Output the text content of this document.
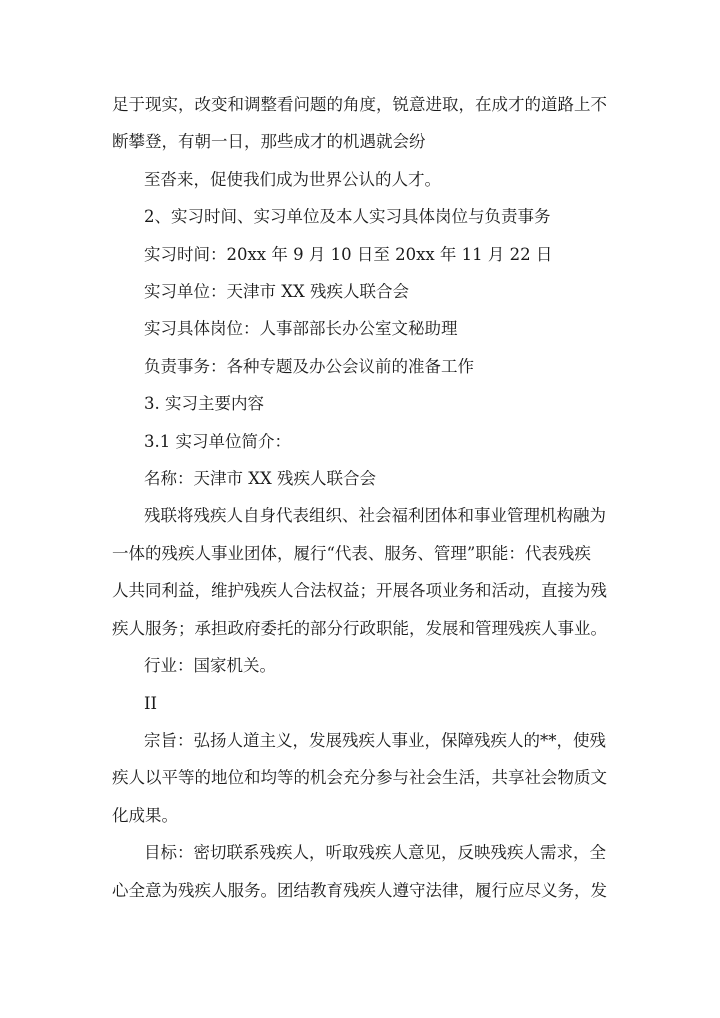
足于现实，改变和调整看问题的角度，锐意进取，在成才的道路上不
断攀登，有朝一日，那些成才的机遇就会纷

至沓来，促使我们成为世界公认的人才。

2、实习时间、实习单位及本人实习具体岗位与负责事务

实习时间：20xx 年 9 月 10 日至 20xx 年 11 月 22 日

实习单位：天津市 XX 残疾人联合会

实习具体岗位：人事部部长办公室文秘助理

负责事务：各种专题及办公会议前的准备工作

3. 实习主要内容

3.1 实习单位简介：

名称：天津市 XX 残疾人联合会

残联将残疾人自身代表组织、社会福利团体和事业管理机构融为
一体的残疾人事业团体，履行“代表、服务、管理”职能：代表残疾
人共同利益，维护残疾人合法权益；开展各项业务和活动，直接为残
疾人服务；承担政府委托的部分行政职能，发展和管理残疾人事业。

行业：国家机关。

II

宗旨：弘扬人道主义，发展残疾人事业，保障残疾人的**，使残
疾人以平等的地位和均等的机会充分参与社会生活，共享社会物质文
化成果。

目标：密切联系残疾人，听取残疾人意见，反映残疾人需求，全
心全意为残疾人服务。团结教育残疾人遵守法律，履行应尽义务，发
